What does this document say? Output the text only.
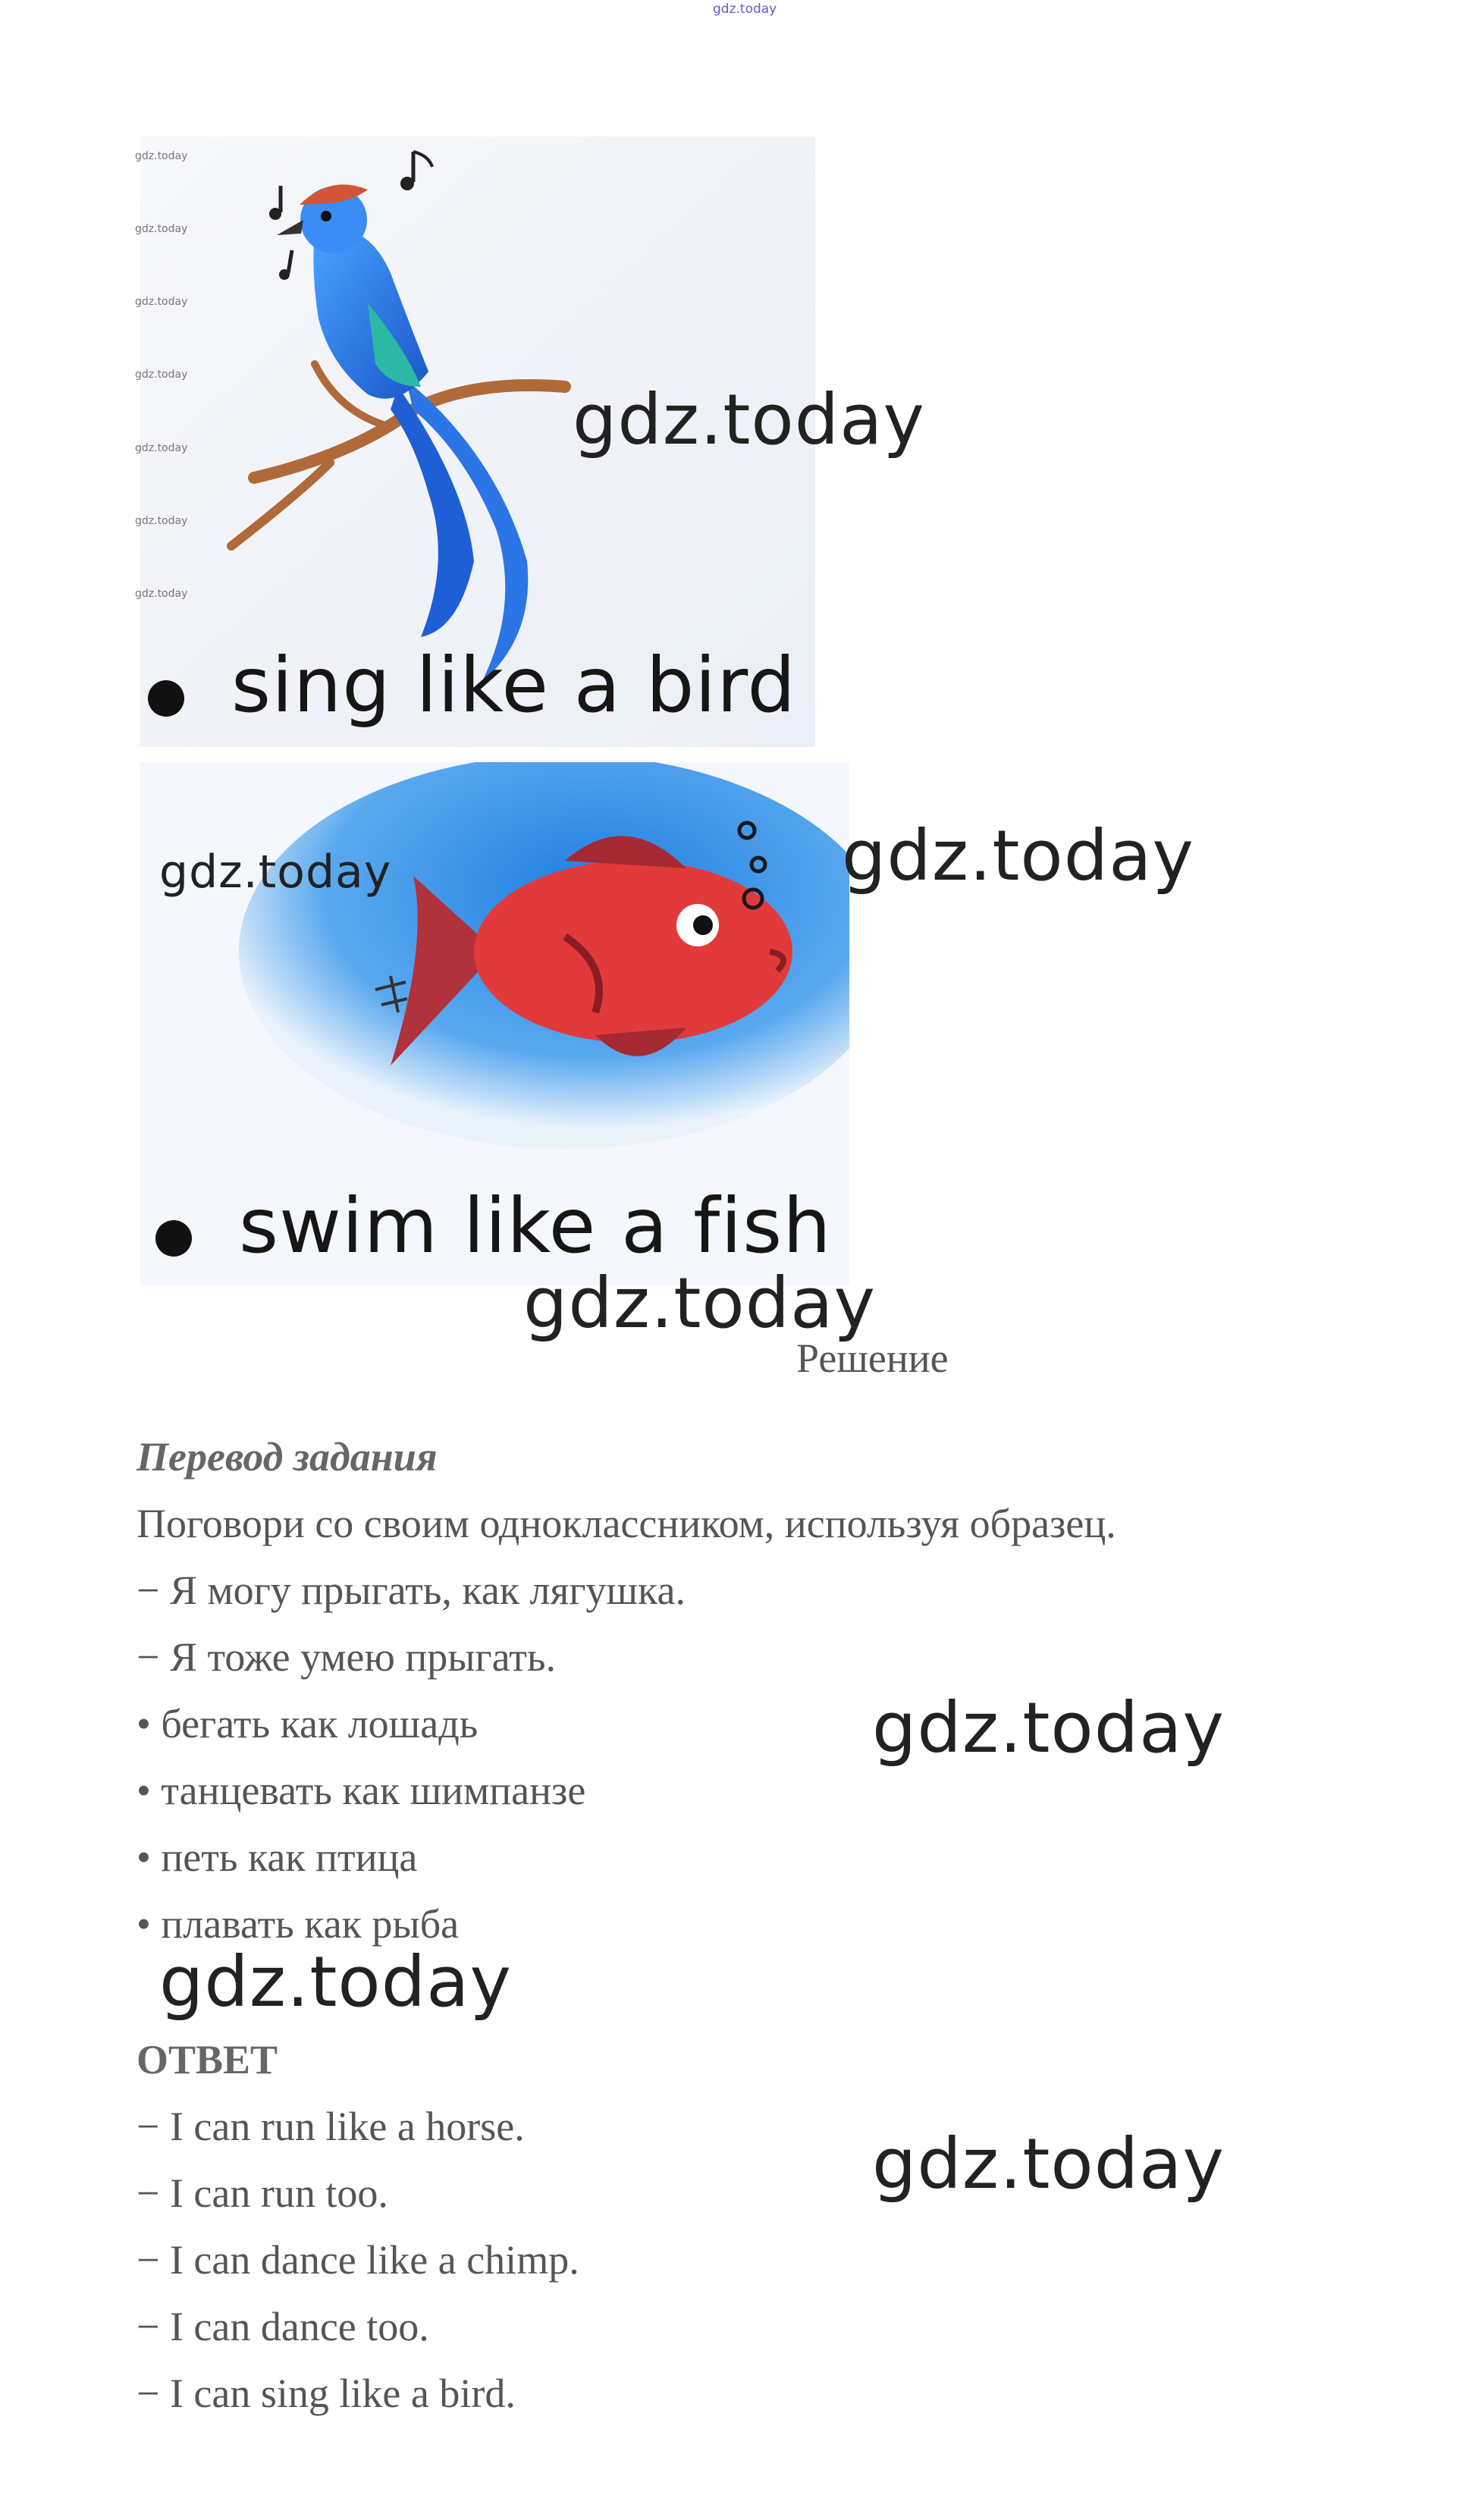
gdz.today
sing like a bird
gdz.today
gdz.today
gdz.today
gdz.today
gdz.today
gdz.today
gdz.today
gdz.today
swim like a fish
gdz.today	gdz.today
gdz.today
Решение
Перевод задания
Поговори со своим одноклассником, используя образец.
− Я могу прыгать, как лягушка.
− Я тоже умею прыгать.
• бегать как лошадь
• танцевать как шимпанзе
• петь как птица
• плавать как рыба
gdz.today
gdz.today
ОТВЕТ
− I can run like a horse.
− I can run too.
− I can dance like a chimp.
− I can dance too.
− I can sing like a bird.
gdz.today
